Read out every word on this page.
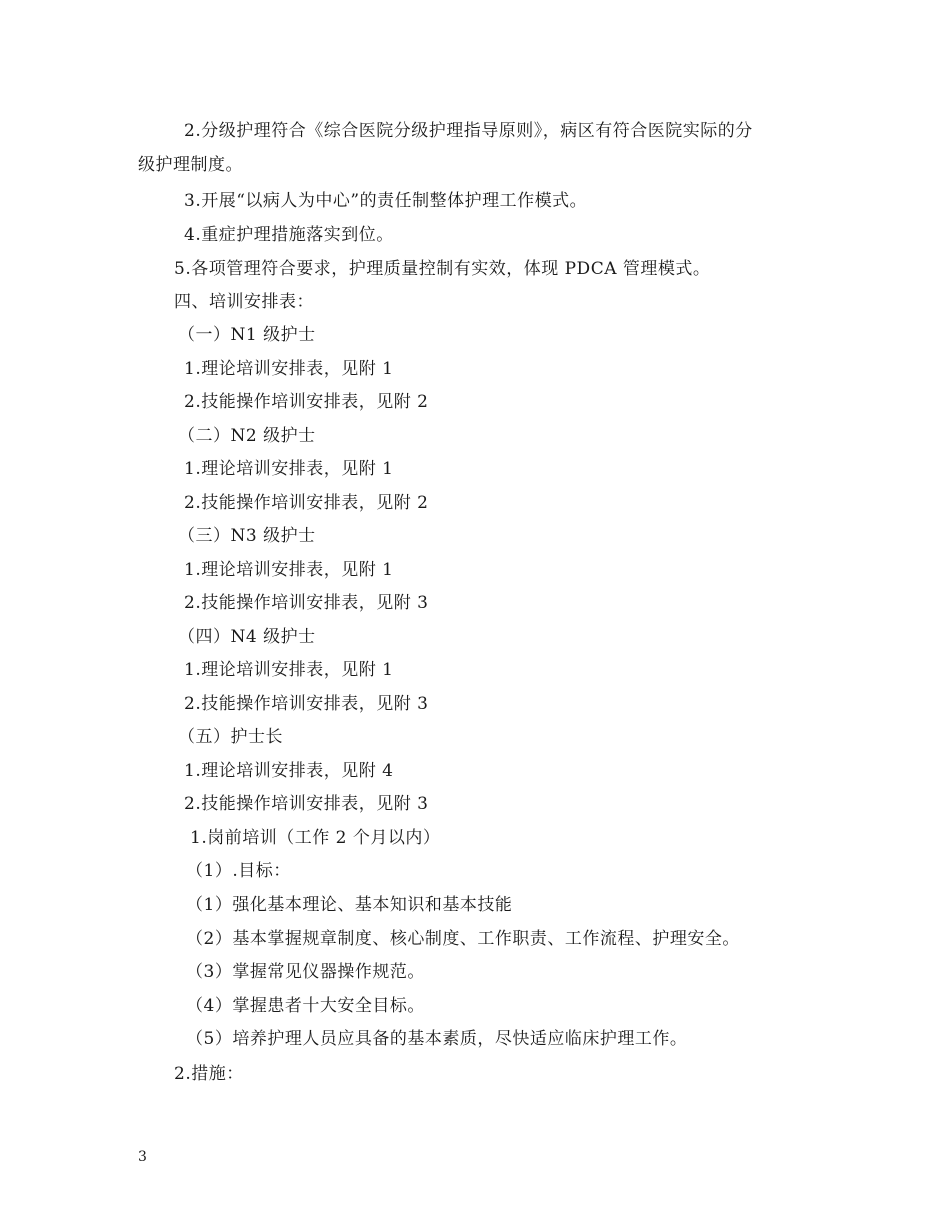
2.分级护理符合《综合医院分级护理指导原则》，病区有符合医院实际的分
级护理制度。
3.开展“以病人为中心”的责任制整体护理工作模式。
4.重症护理措施落实到位。
5.各项管理符合要求，护理质量控制有实效，体现 PDCA 管理模式。
四、培训安排表：
（一）N1 级护士
1.理论培训安排表，见附 1
2.技能操作培训安排表，见附 2
（二）N2 级护士
1.理论培训安排表，见附 1
2.技能操作培训安排表，见附 2
（三）N3 级护士
1.理论培训安排表，见附 1
2.技能操作培训安排表，见附 3
（四）N4 级护士
1.理论培训安排表，见附 1
2.技能操作培训安排表，见附 3
（五）护士长
1.理论培训安排表，见附 4
2.技能操作培训安排表，见附 3
1.岗前培训（工作 2 个月以内）
（1）.目标：
（1）强化基本理论、基本知识和基本技能
（2）基本掌握规章制度、核心制度、工作职责、工作流程、护理安全。
（3）掌握常见仪器操作规范。
（4）掌握患者十大安全目标。
（5）培养护理人员应具备的基本素质，尽快适应临床护理工作。
2.措施：
3
